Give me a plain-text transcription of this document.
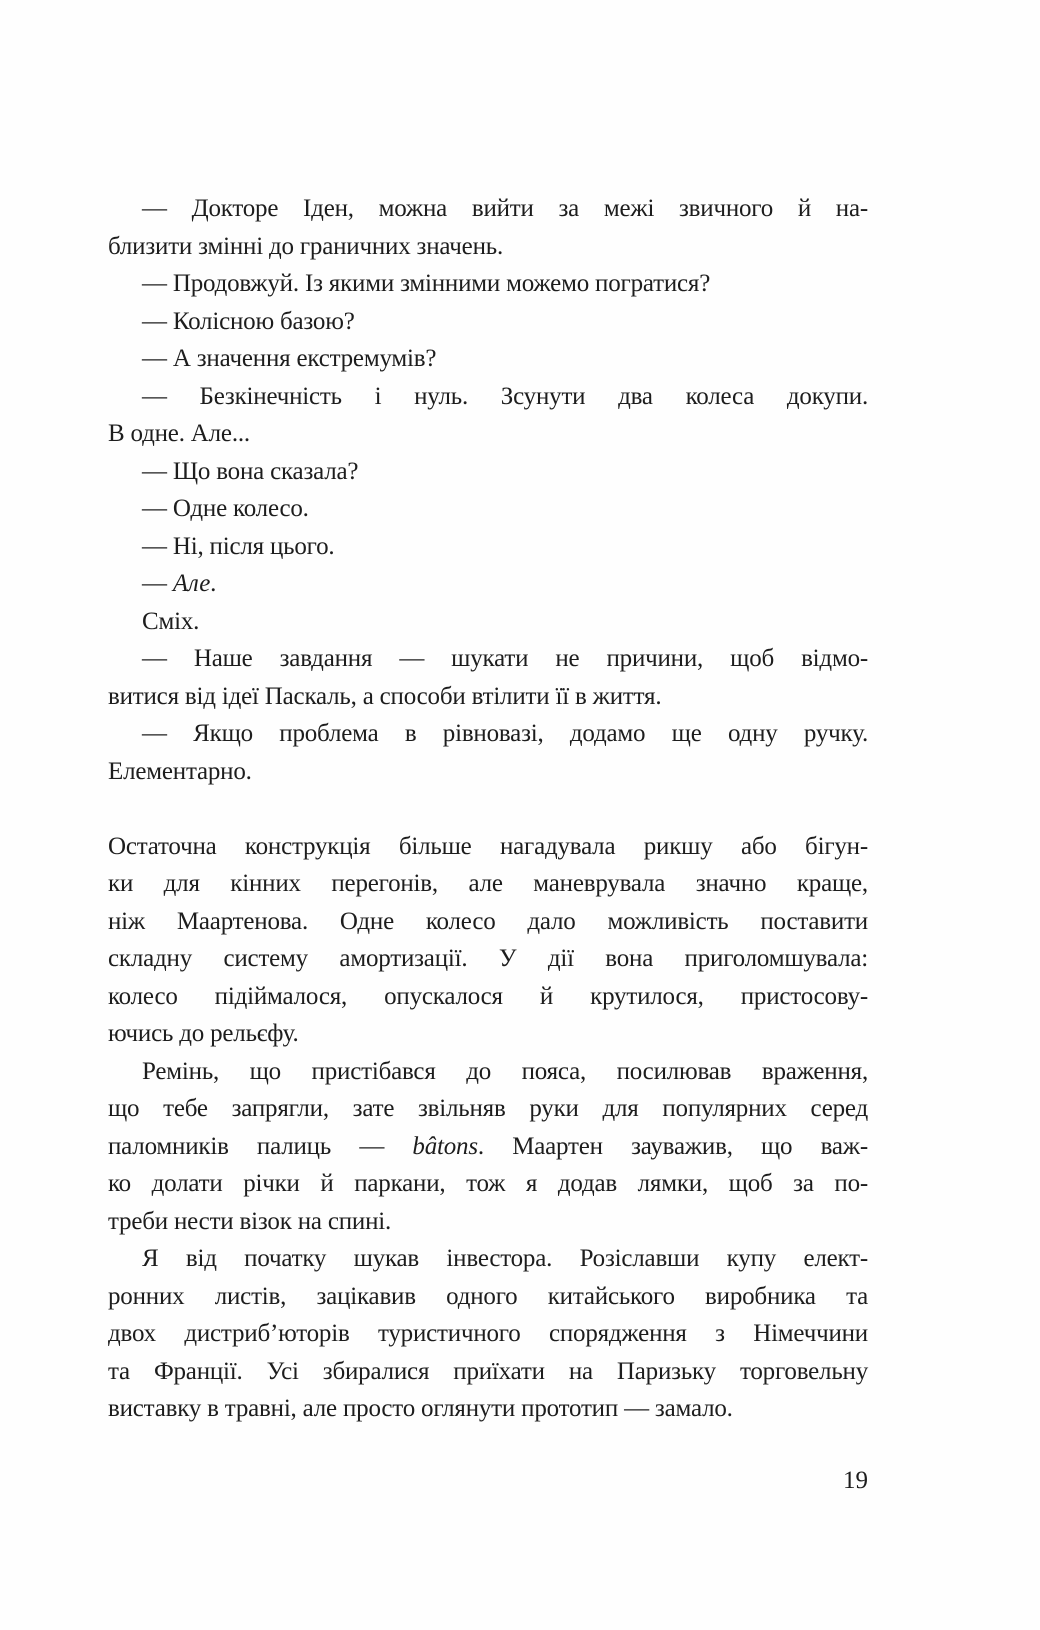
— Докторе Іден, можна вийти за межі звичного й на-
близити змінні до граничних значень.
— Продовжуй. Із якими змінними можемо погратися?
— Колісною базою?
— А значення екстремумів?
— Безкінечність і нуль. Зсунути два колеса докупи.
В одне. Але...
— Що вона сказала?
— Одне колесо.
— Ні, після цього.
— Але.
Сміх.
— Наше завдання — шукати не причини, щоб відмо-
витися від ідеї Паскаль, а способи втілити її в життя.
— Якщо проблема в рівновазі, додамо ще одну ручку.
Елементарно.
Остаточна конструкція більше нагадувала рикшу або бігун-
ки для кінних перегонів, але маневрувала значно краще,
ніж Маартенова. Одне колесо дало можливість поставити
складну систему амортизації. У дії вона приголомшувала:
колесо підіймалося, опускалося й крутилося, пристосову-
ючись до рельєфу.
Ремінь, що пристібався до пояса, посилював враження,
що тебе запрягли, зате звільняв руки для популярних серед
паломників палиць — bâtons. Маартен зауважив, що важ-
ко долати річки й паркани, тож я додав лямки, щоб за по-
треби нести візок на спині.
Я від початку шукав інвестора. Розіславши купу елект-
ронних листів, зацікавив одного китайського виробника та
двох дистриб’юторів туристичного спорядження з Німеччини
та Франції. Усі збиралися приїхати на Паризьку торговельну
виставку в травні, але просто оглянути прототип — замало.
19
